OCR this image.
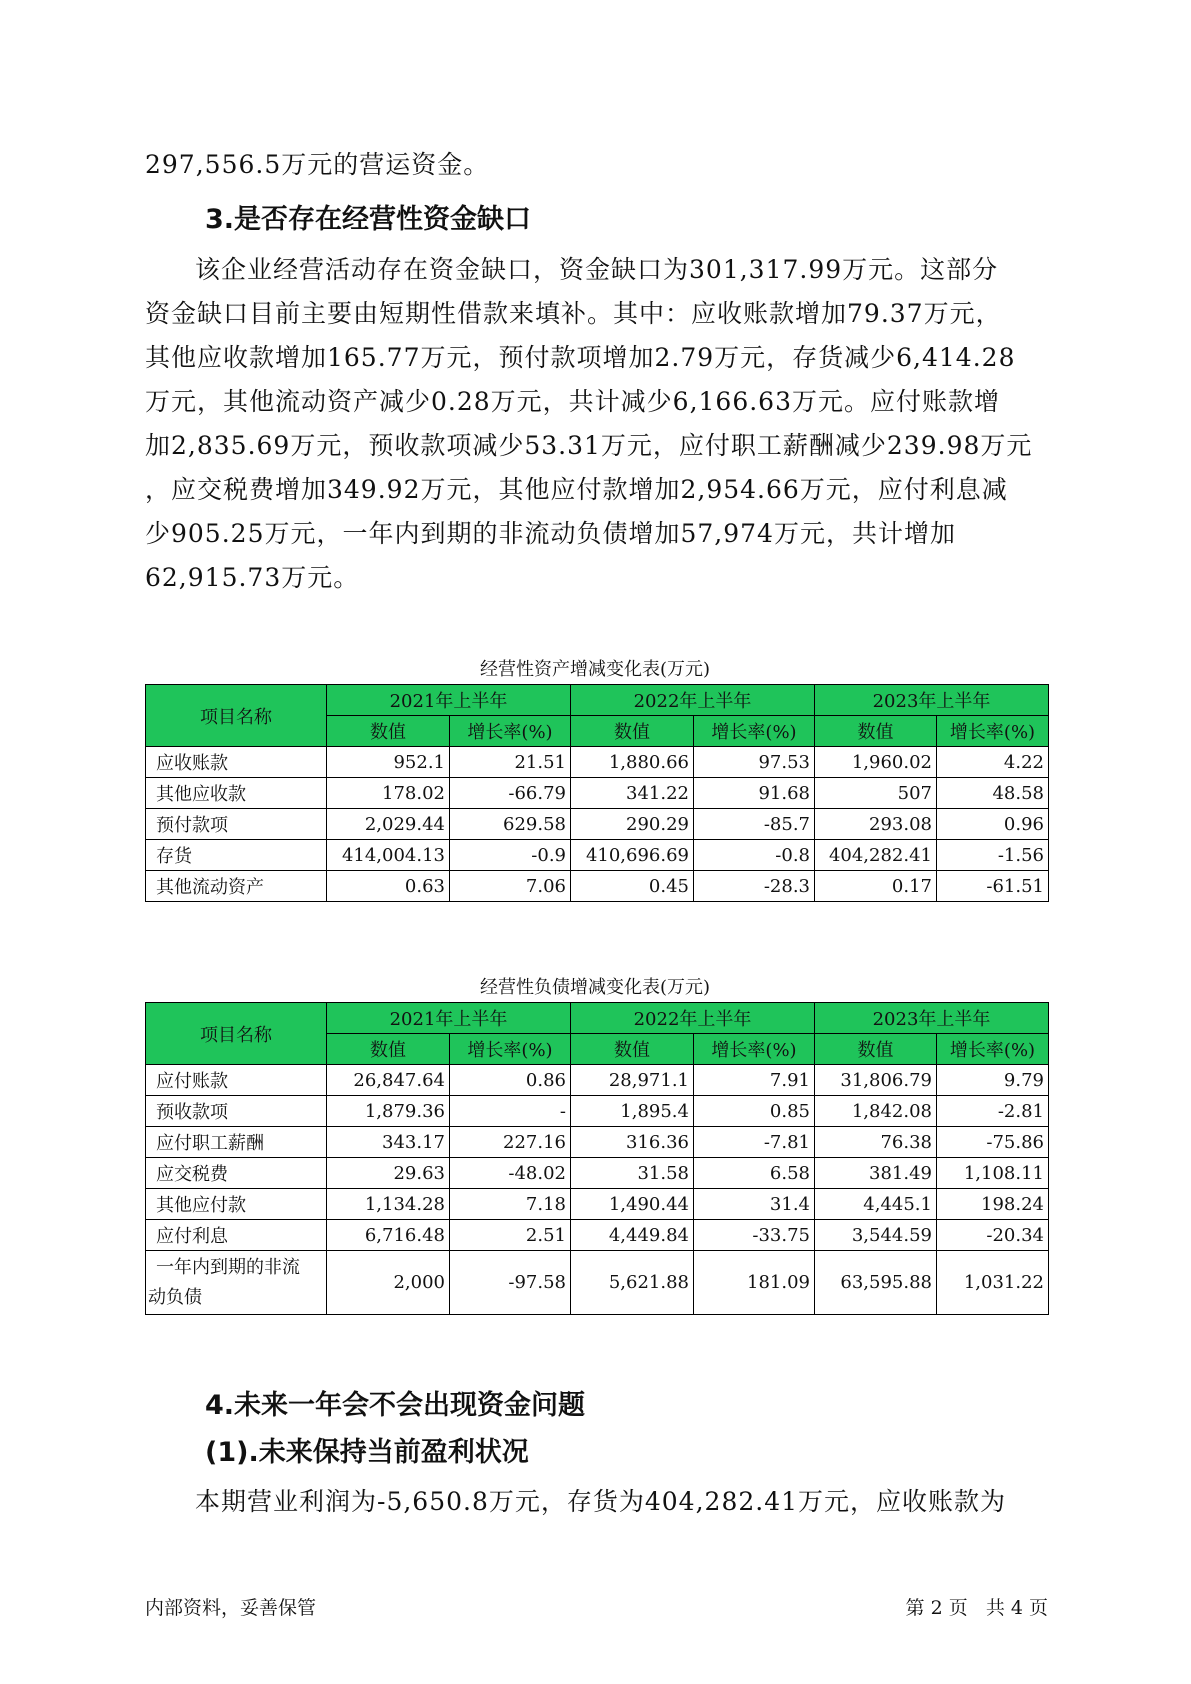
297,556.5万元的营运资金。
3.是否存在经营性资金缺口
该企业经营活动存在资金缺口，资金缺口为301,317.99万元。这部分
资金缺口目前主要由短期性借款来填补。其中：应收账款增加79.37万元，
其他应收款增加165.77万元，预付款项增加2.79万元，存货减少6,414.28
万元，其他流动资产减少0.28万元，共计减少6,166.63万元。应付账款增
加2,835.69万元，预收款项减少53.31万元，应付职工薪酬减少239.98万元
，应交税费增加349.92万元，其他应付款增加2,954.66万元，应付利息减
少905.25万元，一年内到期的非流动负债增加57,974万元，共计增加
62,915.73万元。
经营性资产增减变化表(万元)
项目名称	2021年上半年		2022年上半年		2023年上半年	
	数值	增长率(%)	数值	增长率(%)	数值	增长率(%)
应收账款	952.1	21.51	1,880.66	97.53	1,960.02	4.22
其他应收款	178.02	-66.79	341.22	91.68	507	48.58
预付款项	2,029.44	629.58	290.29	-85.7	293.08	0.96
存货	414,004.13	-0.9	410,696.69	-0.8	404,282.41	-1.56
其他流动资产	0.63	7.06	0.45	-28.3	0.17	-61.51
经营性负债增减变化表(万元)
项目名称	2021年上半年		2022年上半年		2023年上半年	
	数值	增长率(%)	数值	增长率(%)	数值	增长率(%)
应付账款	26,847.64	0.86	28,971.1	7.91	31,806.79	9.79
预收款项	1,879.36	-	1,895.4	0.85	1,842.08	-2.81
应付职工薪酬	343.17	227.16	316.36	-7.81	76.38	-75.86
应交税费	29.63	-48.02	31.58	6.58	381.49	1,108.11
其他应付款	1,134.28	7.18	1,490.44	31.4	4,445.1	198.24
应付利息	6,716.48	2.51	4,449.84	-33.75	3,544.59	-20.34

一年内到期的非流
动负债	2,000	-97.58	5,621.88	181.09	63,595.88	1,031.22
4.未来一年会不会出现资金问题
(1).未来保持当前盈利状况
本期营业利润为-5,650.8万元，存货为404,282.41万元，应收账款为
内部资料，妥善保管	第 2 页   共 4 页
